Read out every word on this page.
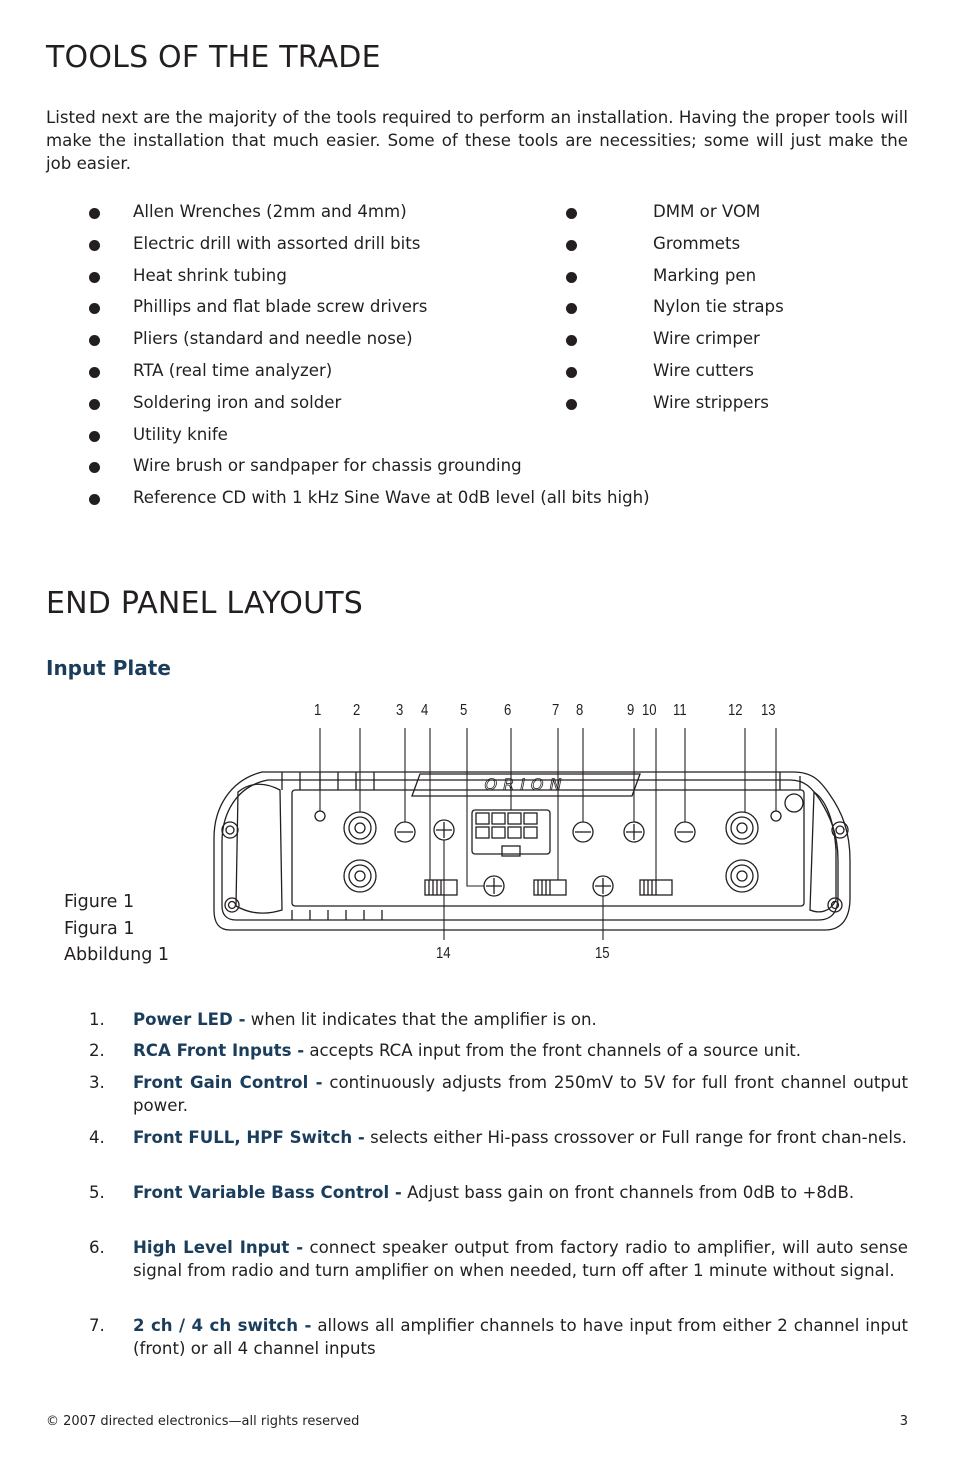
TOOLS OF THE TRADE

Listed next are the majority of the tools required to perform an installation. Having the proper tools will make the installation that much easier. Some of these tools are necessities; some will just make the job easier.

Allen Wrenches (2mm and 4mm)
Electric drill with assorted drill bits
Heat shrink tubing
Phillips and flat blade screw drivers
Pliers (standard and needle nose)
RTA (real time analyzer)
Soldering iron and solder
Utility knife
Wire brush or sandpaper for chassis grounding
Reference CD with 1 kHz Sine Wave at 0dB level (all bits high)
DMM or VOM
Grommets
Marking pen
Nylon tie straps
Wire crimper
Wire cutters
Wire strippers
END PANEL LAYOUTS
Input Plate
1 2 3 4 5 6	7 8	9 10 11	12 13
14	15
ORION
Figure 1
Figura 1
Abbildung 1
1. Power LED - when lit indicates that the amplifier is on.
2. RCA Front Inputs - accepts RCA input from the front channels of a source unit.
3. Front Gain Control - continuously adjusts from 250mV to 5V for full front channel output power.
4. Front FULL, HPF Switch - selects either Hi-pass crossover or Full range for front chan-nels.
5. Front Variable Bass Control - Adjust bass gain on front channels from 0dB to +8dB.
6. High Level Input - connect speaker output from factory radio to amplifier, will auto sense signal from radio and turn amplifier on when needed, turn off after 1 minute without signal.
7. 2 ch / 4 ch switch - allows all amplifier channels to have input from either 2 channel input (front) or all 4 channel inputs
© 2007 directed electronics—all rights reserved	3
